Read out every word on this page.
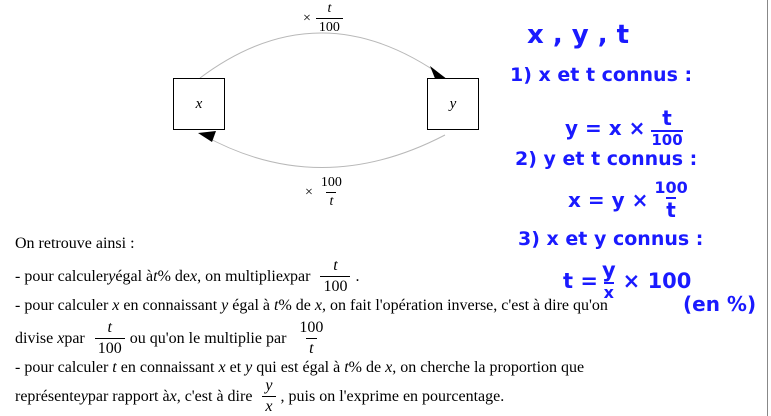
× $\frac{t}{100}$
x	y
× $\frac{100}{t}$
On retrouve ainsi :
- pour calculer y égal à t % de x , on multiplie x par $\frac{t}{100}$ .
- pour calculer x en connaissant y égal à t% de x, on fait l'opération inverse, c'est à dire qu'on
divise x par $\frac{t}{100}$ ou qu'on le multiplie par $\frac{100}{t}$
- pour calculer t en connaissant x et y qui est égal à t% de x, on cherche la proportion que
représente y par rapport à x , c'est à dire $\frac{y}{x}$ , puis on l'exprime en pourcentage.
x , y , t
1) x et t connus :
$y = x \times \frac{t}{100}$
2) y et t connus :
$x = y \times \frac{100}{t}$
3) x et y connus :
$t = \frac{y}{x} \times 100$
(en %)
